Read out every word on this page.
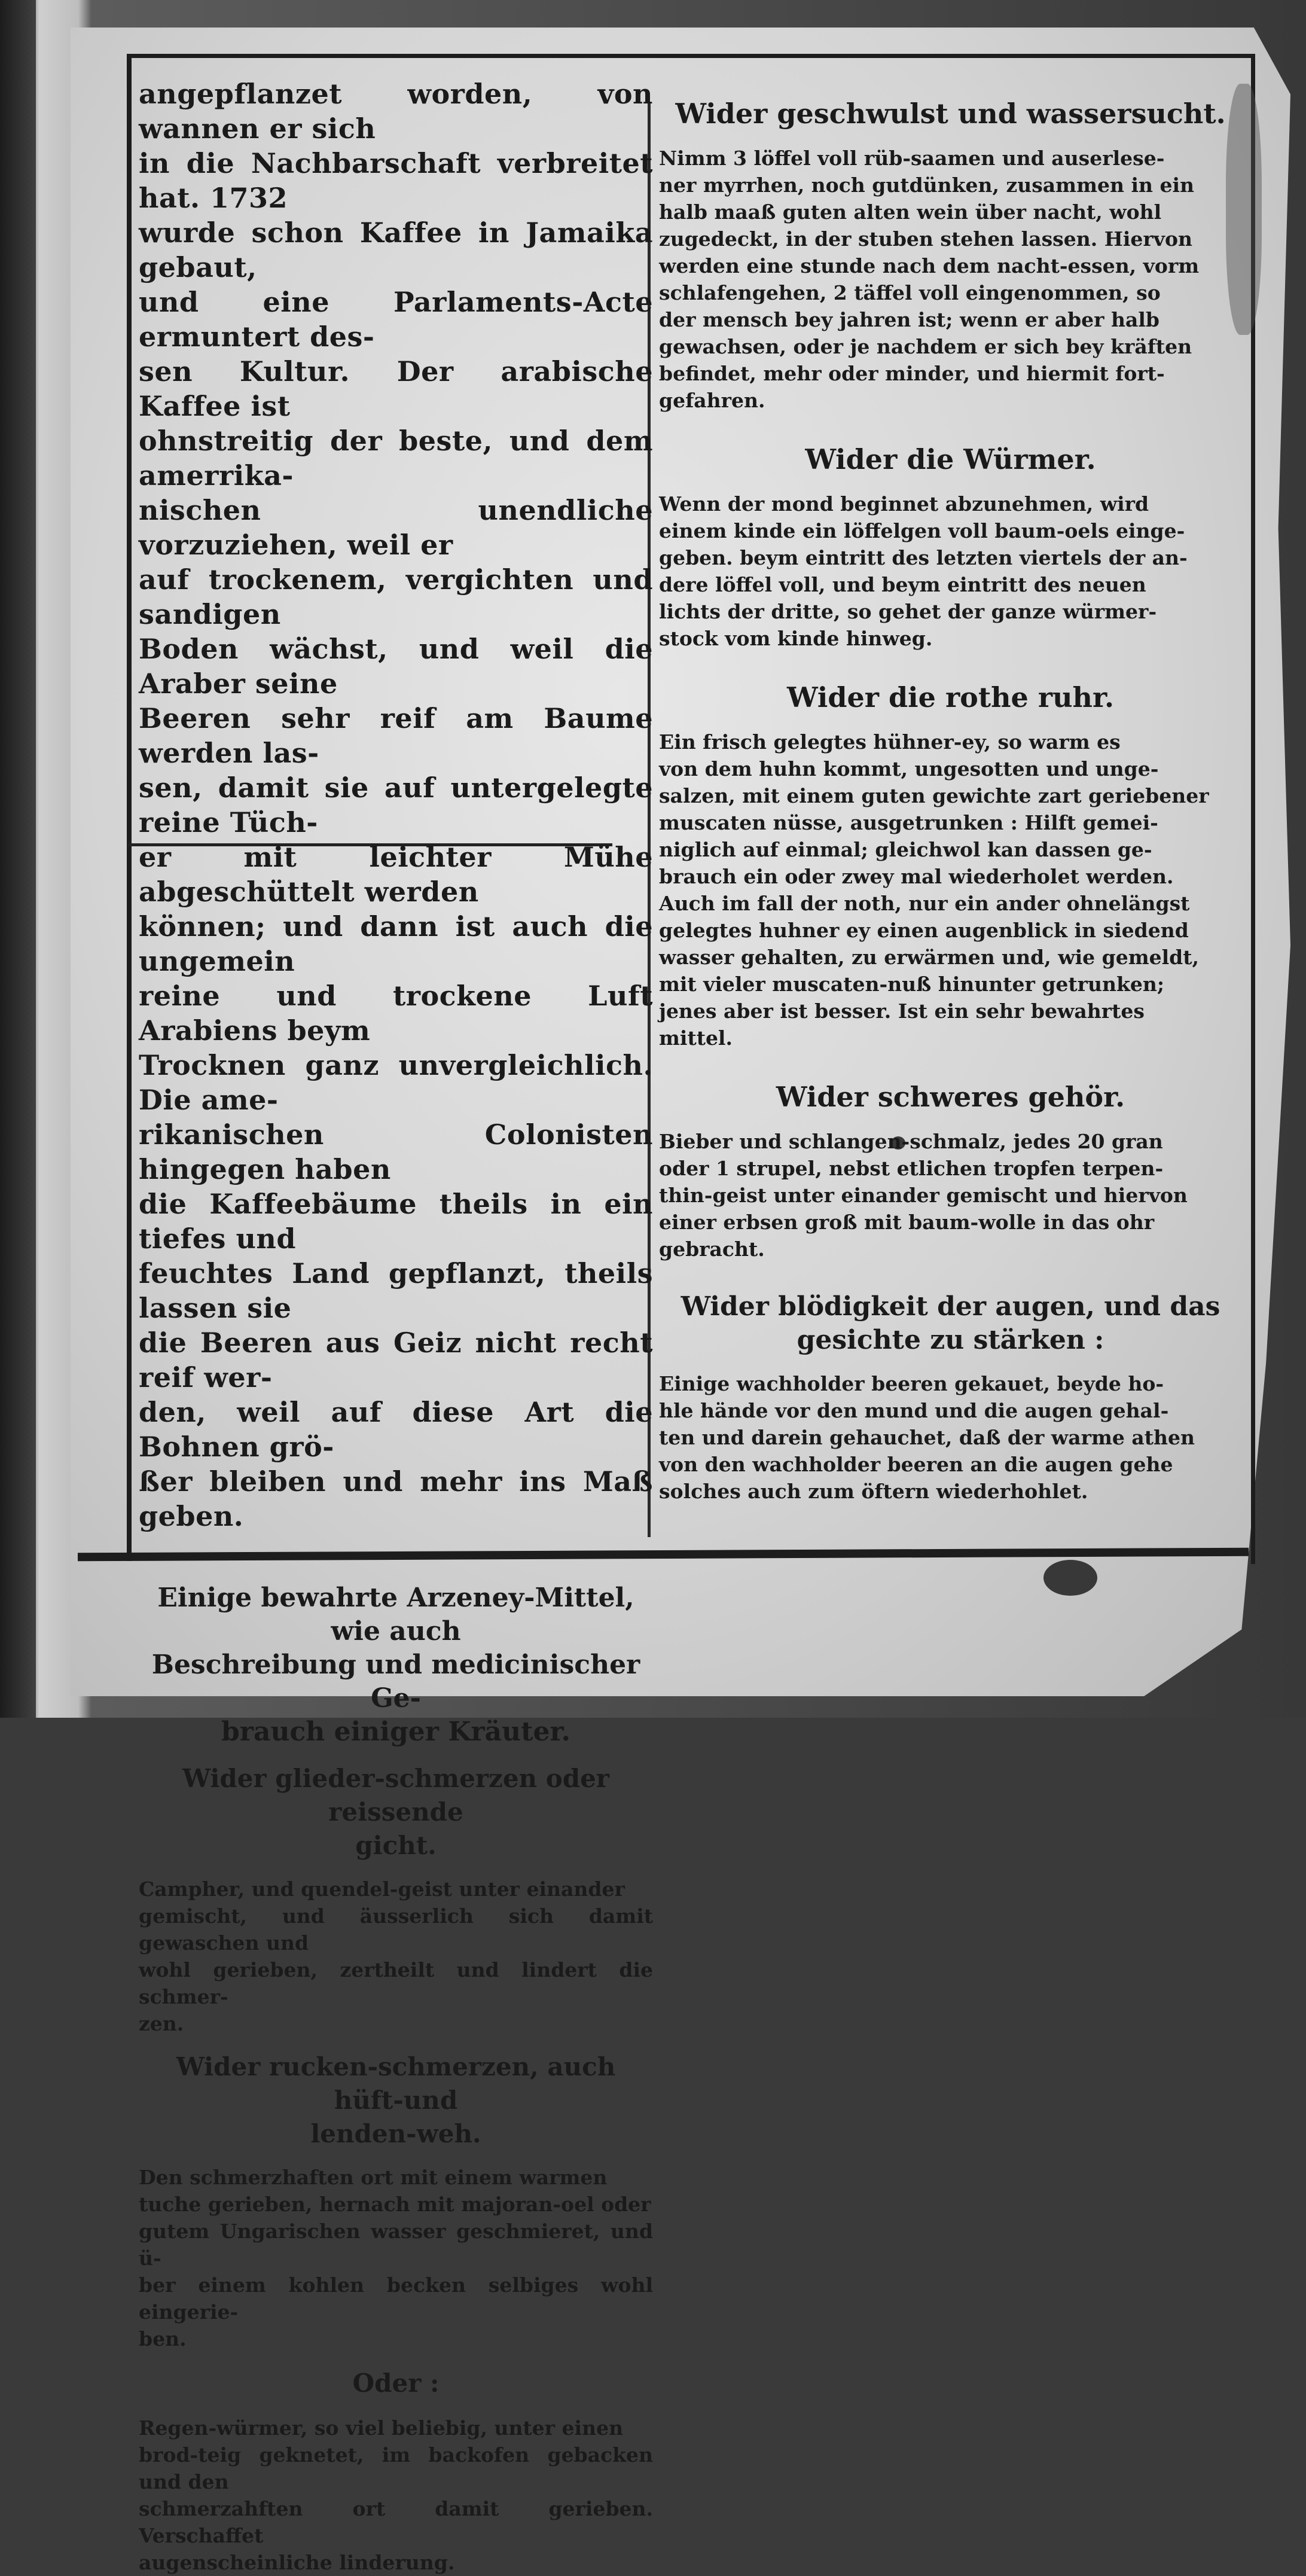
angepflanzet worden, von wannen er sich
in die Nachbarschaft verbreitet hat. 1732
wurde schon Kaffee in Jamaika gebaut,
und eine Parlaments-Acte ermuntert des-
sen Kultur. Der arabische Kaffee ist
ohnstreitig der beste, und dem amerrika-
nischen unendliche vorzuziehen, weil er
auf trockenem, vergichten und sandigen
Boden wächst, und weil die Araber seine
Beeren sehr reif am Baume werden las-
sen, damit sie auf untergelegte reine Tüch-
er mit leichter Mühe abgeschüttelt werden
können; und dann ist auch die ungemein
reine und trockene Luft Arabiens beym
Trocknen ganz unvergleichlich. Die ame-
rikanischen Colonisten hingegen haben
die Kaffeebäume theils in ein tiefes und
feuchtes Land gepflanzt, theils lassen sie
die Beeren aus Geiz nicht recht reif wer-
den, weil auf diese Art die Bohnen grö-
ßer bleiben und mehr ins Maß geben.

Einige bewahrte Arzeney-Mittel, wie auch
Beschreibung und medicinischer Ge-
brauch einiger Kräuter.

Wider glieder-schmerzen oder reissende
gicht.

Campher, und quendel-geist unter einander
gemischt, und äusserlich sich damit gewaschen und
wohl gerieben, zertheilt und lindert die schmer-
zen.

Wider rucken-schmerzen, auch hüft-und
lenden-weh.

Den schmerzhaften ort mit einem warmen
tuche gerieben, hernach mit majoran-oel oder
gutem Ungarischen wasser geschmieret, und ü-
ber einem kohlen becken selbiges wohl eingerie-
ben.

Oder :

Regen-würmer, so viel beliebig, unter einen
brod-teig geknetet, im backofen gebacken und den
schmerzahften ort damit gerieben. Verschaffet
augenscheinliche linderung.

Wider geschwulst und wassersucht.

Nimm 3 löffel voll rüb-saamen und auserlese-
ner myrrhen, noch gutdünken, zusammen in ein
halb maaß guten alten wein über nacht, wohl
zugedeckt, in der stuben stehen lassen. Hiervon
werden eine stunde nach dem nacht-essen, vorm
schlafengehen, 2 täffel voll eingenommen, so
der mensch bey jahren ist; wenn er aber halb
gewachsen, oder je nachdem er sich bey kräften
befindet, mehr oder minder, und hiermit fort-
gefahren.

Wider die Würmer.

Wenn der mond beginnet abzunehmen, wird
einem kinde ein löffelgen voll baum-oels einge-
geben. beym eintritt des letzten viertels der an-
dere löffel voll, und beym eintritt des neuen
lichts der dritte, so gehet der ganze würmer-
stock vom kinde hinweg.

Wider die rothe ruhr.

Ein frisch gelegtes hühner-ey, so warm es
von dem huhn kommt, ungesotten und unge-
salzen, mit einem guten gewichte zart geriebener
muscaten nüsse, ausgetrunken : Hilft gemei-
niglich auf einmal; gleichwol kan dassen ge-
brauch ein oder zwey mal wiederholet werden.
Auch im fall der noth, nur ein ander ohnelängst
gelegtes huhner ey einen augenblick in siedend
wasser gehalten, zu erwärmen und, wie gemeldt,
mit vieler muscaten-nuß hinunter getrunken;
jenes aber ist besser. Ist ein sehr bewahrtes
mittel.

Wider schweres gehör.

Bieber und schlangen-schmalz, jedes 20 gran
oder 1 strupel, nebst etlichen tropfen terpen-
thin-geist unter einander gemischt und hiervon
einer erbsen groß mit baum-wolle in das ohr
gebracht.

Wider blödigkeit der augen, und das
gesichte zu stärken :

Einige wachholder beeren gekauet, beyde ho-
hle hände vor den mund und die augen gehal-
ten und darein gehauchet, daß der warme athen
von den wachholder beeren an die augen gehe
solches auch zum öftern wiederhohlet.
